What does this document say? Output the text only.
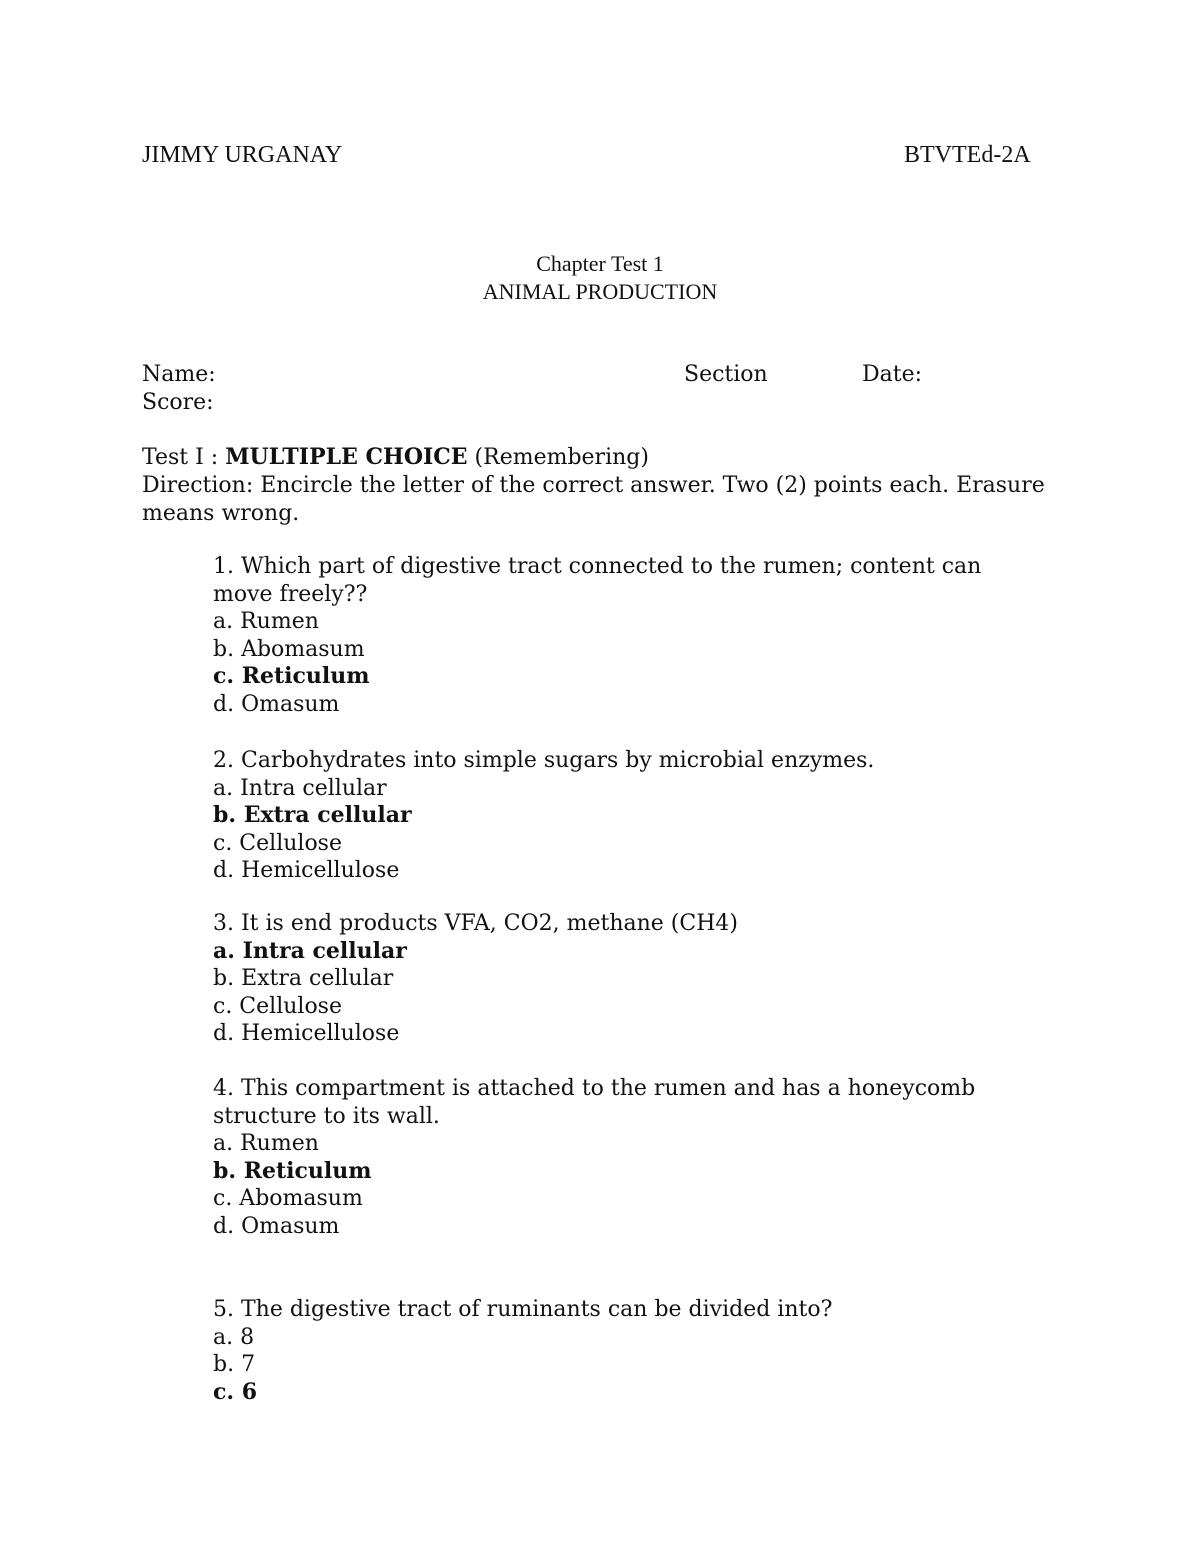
JIMMY URGANAY	BTVTEd-2A
Chapter Test 1
ANIMAL PRODUCTION
Name:	Section	Date:
Score:
Test I : MULTIPLE CHOICE (Remembering)
Direction: Encircle the letter of the correct answer. Two (2) points each. Erasure means wrong.
1. Which part of digestive tract connected to the rumen; content can
move freely??
a. Rumen
b. Abomasum
c. Reticulum
d. Omasum
2. Carbohydrates into simple sugars by microbial enzymes.
a. Intra cellular
b. Extra cellular
c. Cellulose
d. Hemicellulose
3. It is end products VFA, CO2, methane (CH4)
a. Intra cellular
b. Extra cellular
c. Cellulose
d. Hemicellulose
4. This compartment is attached to the rumen and has a honeycomb
structure to its wall.
a. Rumen
b. Reticulum
c. Abomasum
d. Omasum
5. The digestive tract of ruminants can be divided into?
a. 8
b. 7
c. 6
